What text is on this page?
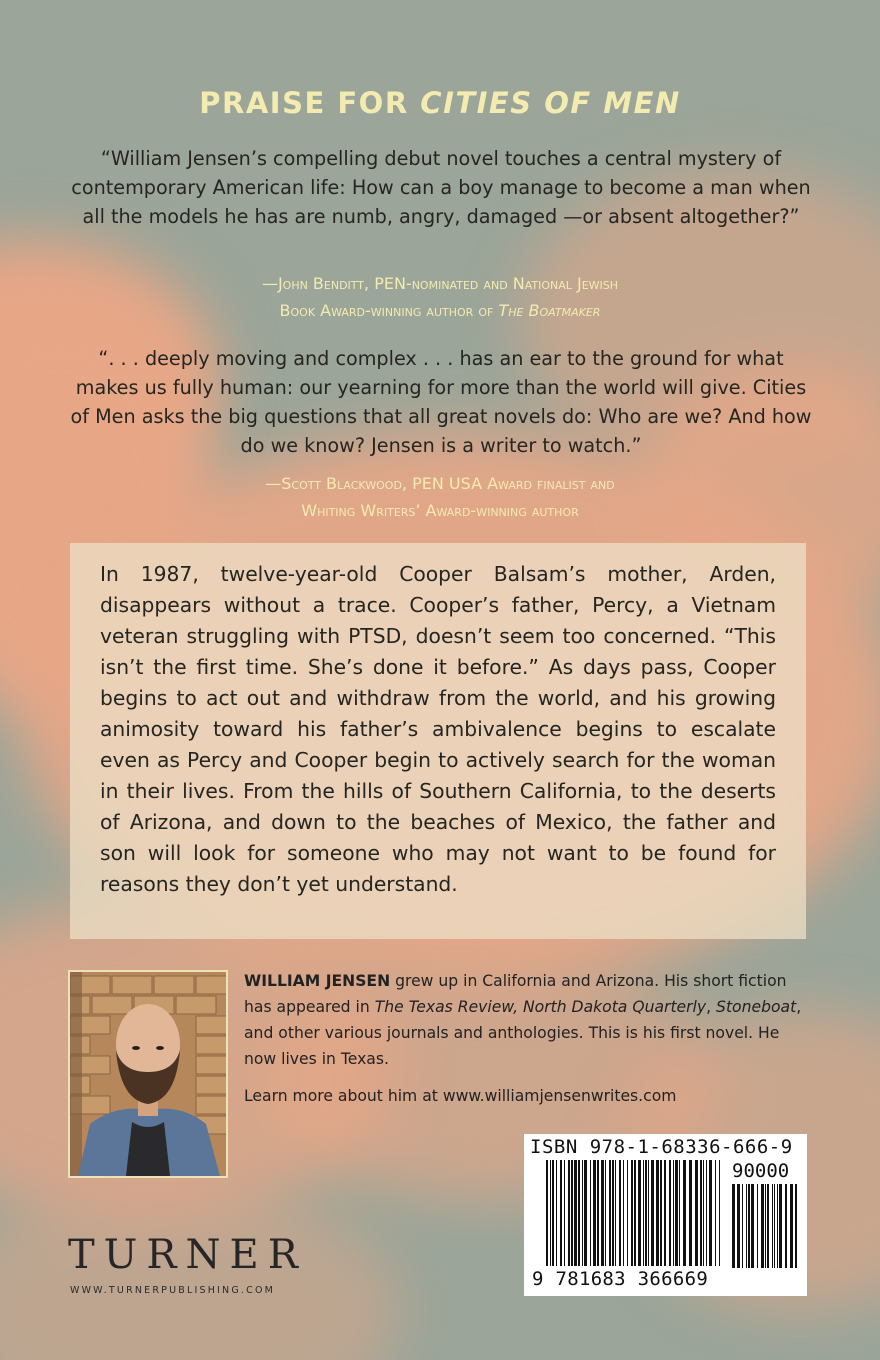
PRAISE FOR CITIES OF MEN

“William Jensen’s compelling debut novel touches a central mystery of contemporary American life: How can a boy manage to become a man when all the models he has are numb, angry, damaged —or absent altogether?”

—John Benditt, PEN-nominated and National Jewish
Book Award-winning author of The Boatmaker

“. . . deeply moving and complex . . . has an ear to the ground for what makes us fully human: our yearning for more than the world will give. Cities of Men asks the big questions that all great novels do: Who are we? And how do we know? Jensen is a writer to watch.”

—Scott Blackwood, PEN USA Award finalist and
Whiting Writers’ Award-winning author

In 1987, twelve-year-old Cooper Balsam’s mother, Arden, disappears without a trace. Cooper’s father, Percy, a Vietnam veteran struggling with PTSD, doesn’t seem too concerned. “This isn’t the first time. She’s done it before.” As days pass, Cooper begins to act out and withdraw from the world, and his growing animosity toward his father’s ambivalence begins to escalate even as Percy and Cooper begin to actively search for the woman in their lives. From the hills of Southern California, to the deserts of Arizona, and down to the beaches of Mexico, the father and son will look for someone who may not want to be found for reasons they don’t yet understand.

WILLIAM JENSEN grew up in California and Arizona. His short fiction has appeared in The Texas Review, North Dakota Quarterly, Stoneboat, and other various journals and anthologies. This is his first novel. He now lives in Texas.

Learn more about him at www.williamjensenwrites.com

ISBN 978-1-68336-666-9
90000
9 781683 366669
TURNER
WWW.TURNERPUBLISHING.COM
